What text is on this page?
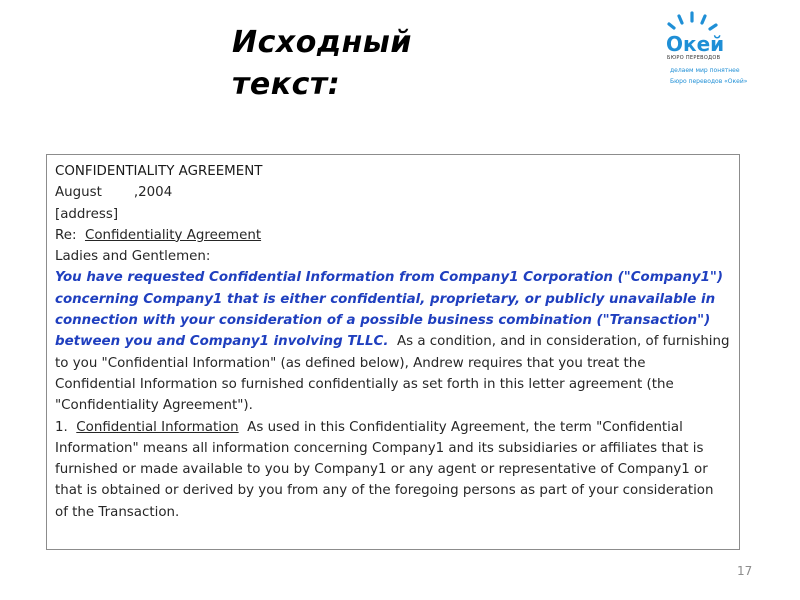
Исходный
текст:
Окей
БЮРО ПЕРЕВОДОВ
делаем мир понятнее
Бюро переводов «Окей»

CONFIDENTIALITY AGREEMENT

August ,2004

[address]

Re: Confidentiality Agreement

Ladies and Gentlemen:

You have requested Confidential Information from Company1 Corporation ("Company1") concerning Company1 that is either confidential, proprietary, or publicly unavailable in connection with your consideration of a possible business combination ("Transaction") between you and Company1 involving TLLC. As a condition, and in consideration, of furnishing to you "Confidential Information" (as defined below), Andrew requires that you treat the Confidential Information so furnished confidentially as set forth in this letter agreement (the "Confidentiality Agreement").

1. Confidential Information As used in this Confidentiality Agreement, the term "Confidential Information" means all information concerning Company1 and its subsidiaries or affiliates that is furnished or made available to you by Company1 or any agent or representative of Company1 or that is obtained or derived by you from any of the foregoing persons as part of your consideration of the Transaction.

17
